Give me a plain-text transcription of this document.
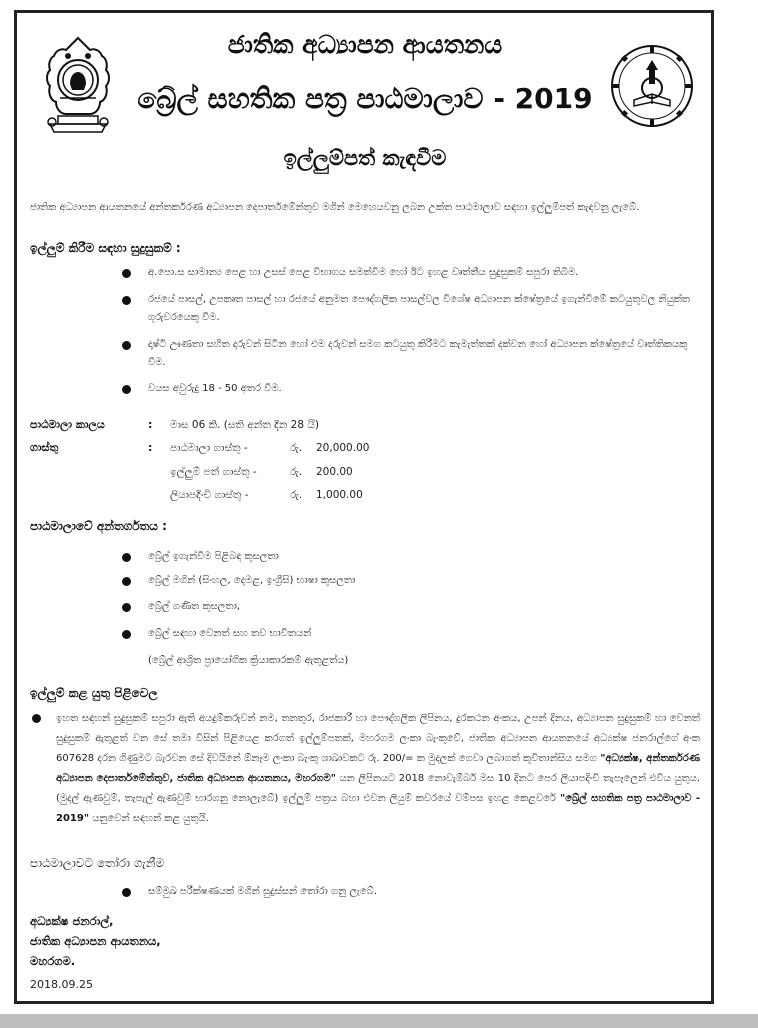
ජාතික අධ්‍යාපන ආයතනය
බ්‍රේල් සහතික පත්‍ර පාඨමාලාව - 2019
ඉල්ලුම්පත් කැඳවීම
ජාතික අධ්‍යාපන ආයතනයේ අන්තර්කරණ අධ්‍යාපන දෙපාර්තමේන්තුව මගින් මෙහෙයවනු ලබන උක්ත පාඨමාලාව සඳහා ඉල්ලුම්පත් කැඳවනු ලැබේ.
ඉල්ලුම් කිරීම සඳහා සුදුසුකම් :
අ.පො.ස සාමාන්‍ය පෙළ හා උසස් පෙළ විභාගය සමත්වීම හෝ ඊට ඉහළ වෘත්තීය සුදුසුකම් සපුරා තිබීම.
රජයේ පාසල්, උපකෘත පාසල් හා රජයේ අනුමත පෞද්ගලික පාසල්වල විශේෂ අධ්‍යාපන ක්ෂේත්‍රයේ ඉගැන්වීමේ කටයුතුවල නියුක්ත ගුරුවරයෙකු වීම.
දෘෂ්ටි ඌණතා සහිත දරුවන් සිටින හෝ එම දරුවන් සමග කටයුතු කිරීමට කැමැත්තක් දක්වන හෝ අධ්‍යාපන ක්ෂේත්‍රයේ වෘත්තිකයකු වීම.
වයස අවුරුදු 18 - 50 අතර වීම.
පාඨමාලා කාලය	: මාස 06 කි. (සති අන්ත දින 28 යි)
ගාස්තු	: පාඨමාලා ගාස්තු -	රු. 20,000.00
ඉල්ලුම් පත් ගාස්තු -	රු. 200.00
ලියාපදිංචි ගාස්තු -	රු. 1,000.00
පාඨමාලාවේ අන්තර්ගතය :
බ්‍රේල් ඉගැන්වීම පිළිබඳ කුසලතා
බ්‍රේල් මගින් (සිංහල, දෙමළ, ඉංග්‍රීසි) භාෂා කුසලතා
බ්‍රේල් ගණිත කුසලතා,
බ්‍රේල් සඳහා වෙනත් සහ තව භාවිතයන්
(බ්‍රේල් ආශ්‍රිත ප්‍රායෝගික ක්‍රියාකාරකම් ඇතුළත්ය)
ඉල්ලුම් කළ යුතු පිළිවෙල
ඉහත සඳහන් සුදුසුකම් සපුරා ඇති අයදුම්කරුවන් නම, තනතුර, රාජකාරී හා පෞද්ගලික ලිපිනය, දුරකථන අංකය, උපන් දිනය, අධ්‍යාපන සුදුසුකම් හා වෙනත් සුදුසුකම් ඇතුළත් වන සේ තමා විසින් පිළියෙළ කරගත් ඉල්ලුම්පතක්, මහරගම ලංකා බැංකුවේ, ජාතික අධ්‍යාපන ආයතනයේ අධ්‍යක්ෂ ජනරාල්ගේ අංක 607628 දරන ගිණුමට බැරවන සේ දිවයිනේ ඕනෑම ලංකා බැංකු ශාඛාවකට රු. 200/= ක මුදලක් ගෙවා ලබාගත් කුවිතාන්සිය සමග "අධ්‍යක්ෂ, අන්තර්කරණ අධ්‍යාපන දෙපාර්තමේන්තුව, ජාතික අධ්‍යාපන ආයතනය, මහරගම" යන ලිපිනයට 2018 නොවැම්බර් මස 10 දිනට පෙර ලියාපදිංචි තැපෑලෙන් එවිය යුතුය. (මුදල් ඇණවුම්, තැපැල් ඇණවුම් භාරගනු නොලැබේ) ඉල්ලුම් පත්‍රය බහා එවන ලියුම් කවරයේ වම්පස ඉහළ කෙළවරේ "බ්‍රේල් සහතික පත්‍ර පාඨමාලාව - 2019" යනුවෙන් සඳහන් කළ යුතුයි.
පාඨමාලාවට තෝරා ගැනීම
සම්මුඛ පරීක්ෂණයක් මගින් සුදුස්සන් තෝරා ගනු ලැබේ.
අධ්‍යක්ෂ ජනරාල්,
ජාතික අධ්‍යාපන ආයතනය,
මහරගම.
2018.09.25
